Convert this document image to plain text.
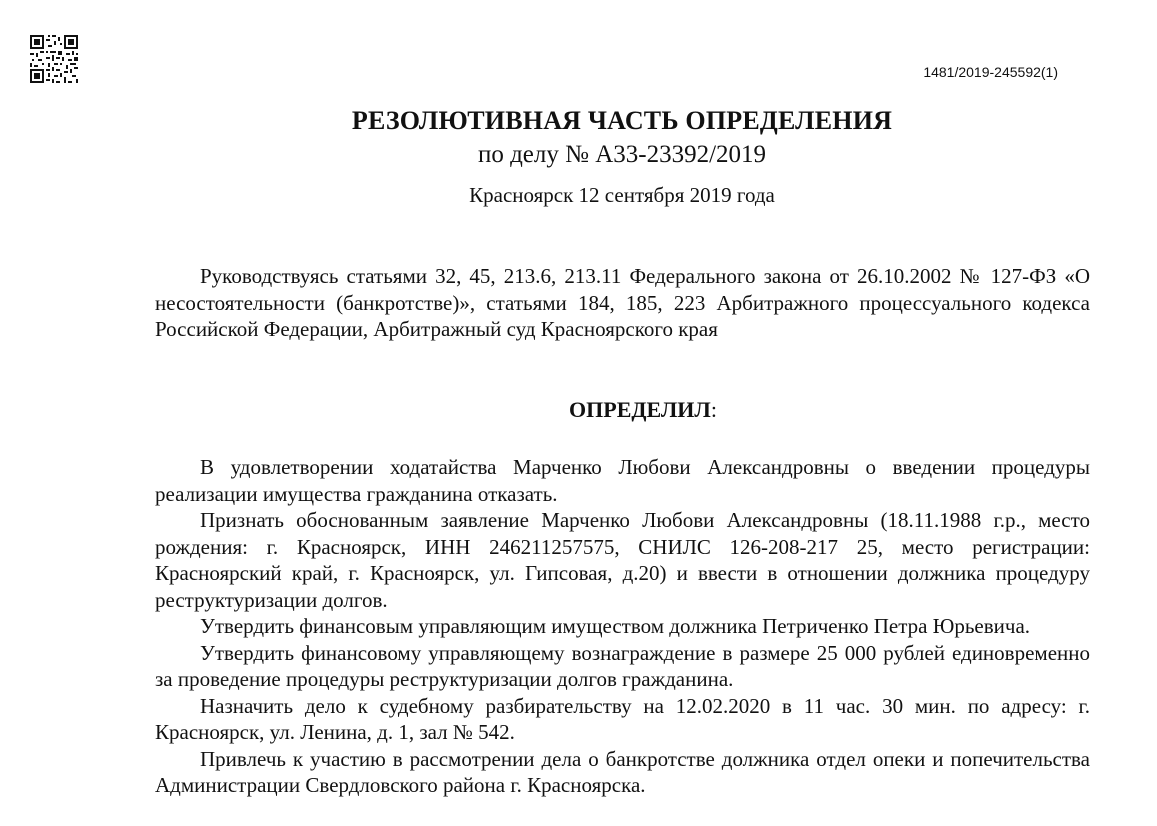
1481/2019-245592(1)
РЕЗОЛЮТИВНАЯ ЧАСТЬ ОПРЕДЕЛЕНИЯ
по делу № А33-23392/2019
Красноярск 12 сентября 2019 года

Руководствуясь статьями 32, 45, 213.6, 213.11 Федерального закона от 26.10.2002 № 127-ФЗ «О несостоятельности (банкротстве)», статьями 184, 185, 223 Арбитражного процессуального кодекса Российской Федерации, Арбитражный суд Красноярского края

ОПРЕДЕЛИЛ:

В удовлетворении ходатайства Марченко Любови Александровны о введении процедуры реализации имущества гражданина отказать.

Признать обоснованным заявление Марченко Любови Александровны (18.11.1988 г.р., место рождения: г. Красноярск, ИНН 246211257575, СНИЛС 126-208-217 25, место регистрации: Красноярский край, г. Красноярск, ул. Гипсовая, д.20) и ввести в отношении должника процедуру реструктуризации долгов.

Утвердить финансовым управляющим имуществом должника Петриченко Петра Юрьевича.

Утвердить финансовому управляющему вознаграждение в размере 25 000 рублей единовременно за проведение процедуры реструктуризации долгов гражданина.

Назначить дело к судебному разбирательству на 12.02.2020 в 11 час. 30 мин. по адресу: г. Красноярск, ул. Ленина, д. 1, зал № 542.

Привлечь к участию в рассмотрении дела о банкротстве должника отдел опеки и попечительства Администрации Свердловского района г. Красноярска.
